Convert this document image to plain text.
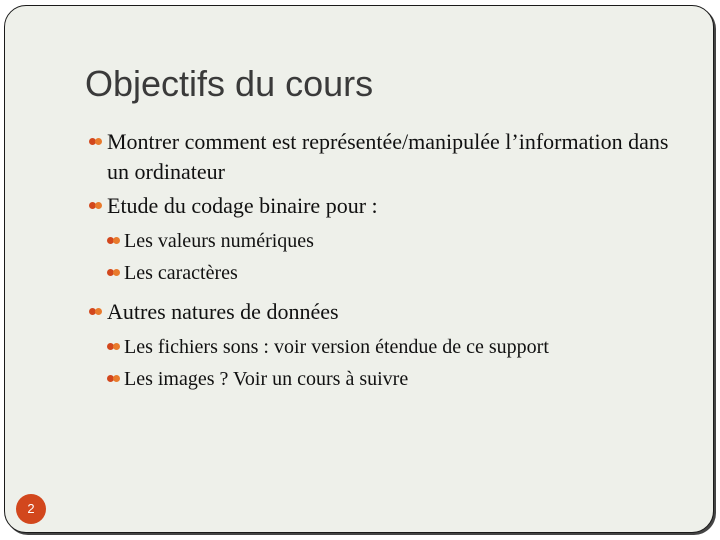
Objectifs du cours
Montrer comment est représentée/manipulée l’information dans un ordinateur
Etude du codage binaire pour :
Les valeurs numériques
Les caractères
Autres natures de données
Les fichiers sons : voir version étendue de ce support
Les images ? Voir un cours à suivre
2
